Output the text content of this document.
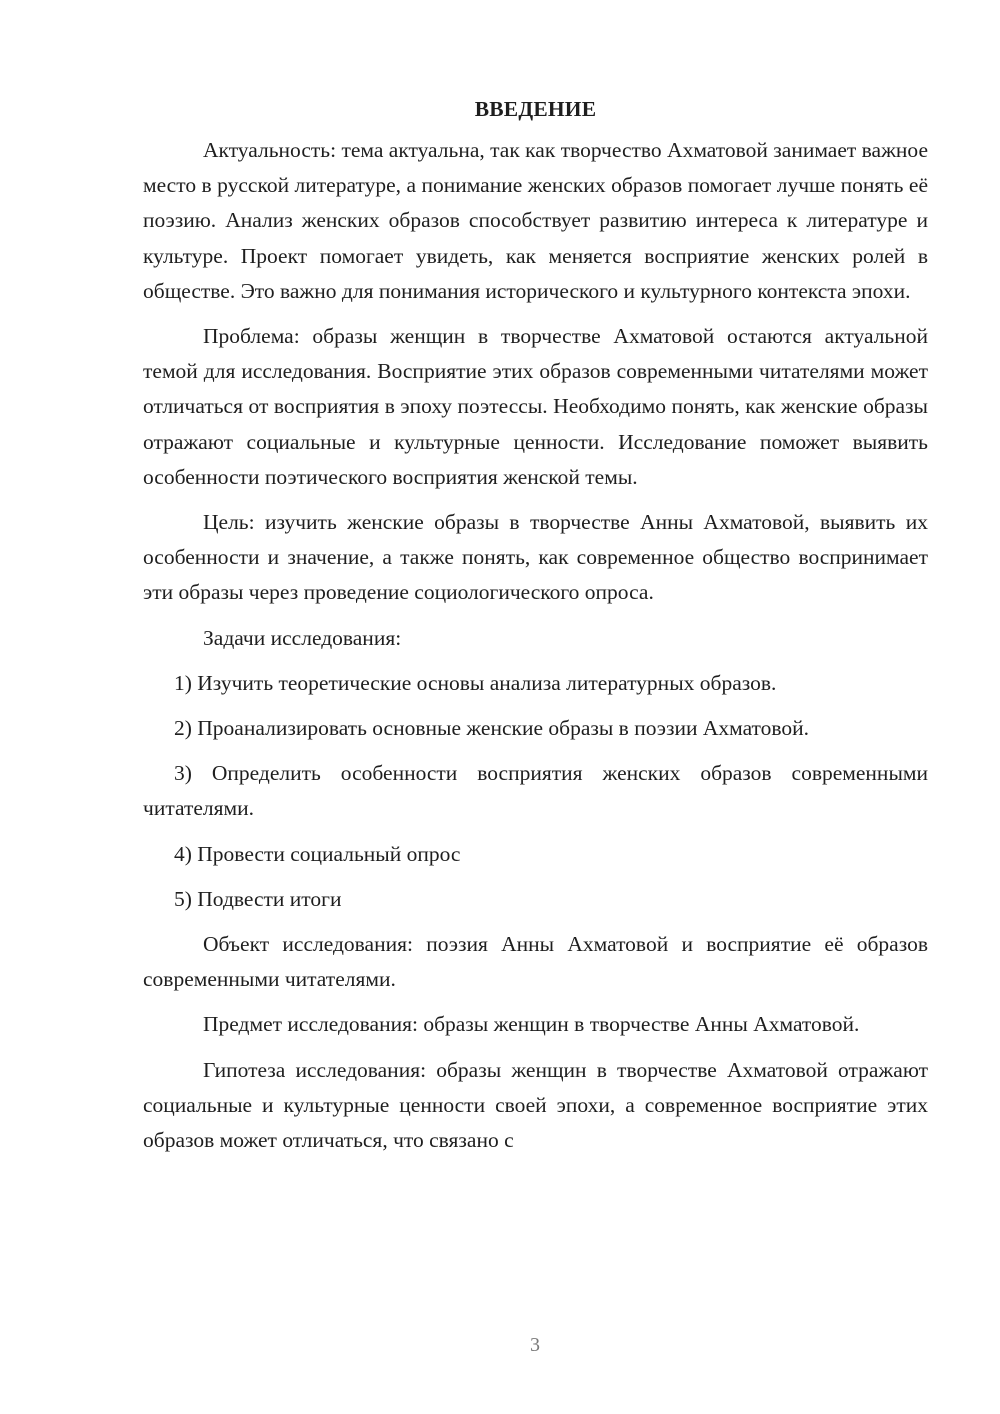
ВВЕДЕНИЕ

Актуальность: тема актуальна, так как творчество Ахматовой занимает важное место в русской литературе, а понимание женских образов помогает лучше понять её поэзию. Анализ женских образов способствует развитию интереса к литературе и культуре. Проект помогает увидеть, как меняется восприятие женских ролей в обществе. Это важно для понимания исторического и культурного контекста эпохи.

Проблема: образы женщин в творчестве Ахматовой остаются актуальной темой для исследования. Восприятие этих образов современными читателями может отличаться от восприятия в эпоху поэтессы. Необходимо понять, как женские образы отражают социальные и культурные ценности. Исследование поможет выявить особенности поэтического восприятия женской темы.

Цель: изучить женские образы в творчестве Анны Ахматовой, выявить их особенности и значение, а также понять, как современное общество воспринимает эти образы через проведение социологического опроса.

Задачи исследования:

1) Изучить теоретические основы анализа литературных образов.

2) Проанализировать основные женские образы в поэзии Ахматовой.

3) Определить особенности восприятия женских образов современными читателями.

4) Провести социальный опрос

5) Подвести итоги

Объект исследования: поэзия Анны Ахматовой и восприятие её образов современными читателями.

Предмет исследования: образы женщин в творчестве Анны Ахматовой.

Гипотеза исследования: образы женщин в творчестве Ахматовой отражают социальные и культурные ценности своей эпохи, а современное восприятие этих образов может отличаться, что связано с

3
